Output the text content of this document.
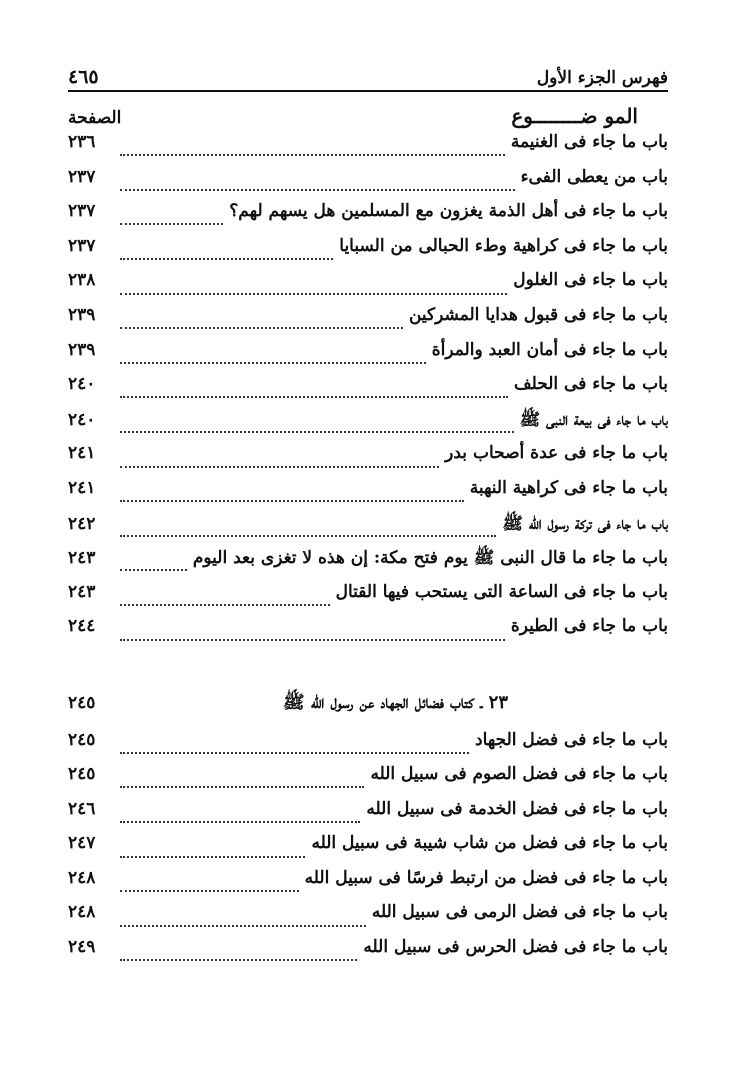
فهرس الجزء الأول
٤٦٥
المو ضــــــــوع
الصفحة
باب ما جاء فى الغنيمة
٢٣٦
باب من يعطى الفىء
٢٣٧
باب ما جاء فى أهل الذمة يغزون مع المسلمين هل يسهم لهم؟
٢٣٧
باب ما جاء فى كراهية وطء الحبالى من السبايا
٢٣٧
باب ما جاء فى الغلول
٢٣٨
باب ما جاء فى قبول هدايا المشركين
٢٣٩
باب ما جاء فى أمان العبد والمرأة
٢٣٩
باب ما جاء فى الحلف
٢٤٠
باب ما جاء فى بيعة النبى ﷺ
٢٤٠
باب ما جاء فى عدة أصحاب بدر
٢٤١
باب ما جاء فى كراهية النهبة
٢٤١
باب ما جاء فى تركة رسول الله ﷺ
٢٤٢
باب ما جاء ما قال النبى ﷺ يوم فتح مكة: إن هذه لا تغزى بعد اليوم
٢٤٣
باب ما جاء فى الساعة التى يستحب فيها القتال
٢٤٣
باب ما جاء فى الطيرة
٢٤٤
٢٣ ـ كتاب فضائل الجهاد عن رسول الله ﷺ
٢٤٥
باب ما جاء فى فضل الجهاد
٢٤٥
باب ما جاء فى فضل الصوم فى سبيل الله
٢٤٥
باب ما جاء فى فضل الخدمة فى سبيل الله
٢٤٦
باب ما جاء فى فضل من شاب شيبة فى سبيل الله
٢٤٧
باب ما جاء فى فضل من ارتبط فرسًا فى سبيل الله
٢٤٨
باب ما جاء فى فضل الرمى فى سبيل الله
٢٤٨
باب ما جاء فى فضل الحرس فى سبيل الله
٢٤٩
